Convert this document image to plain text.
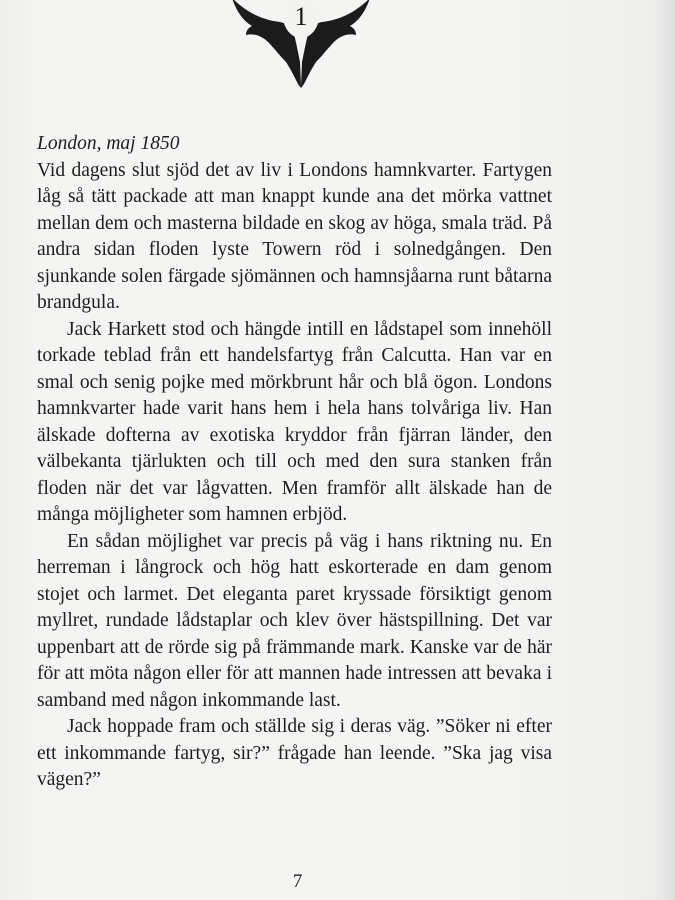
1

London, maj 1850

Vid dagens slut sjöd det av liv i Londons hamnkvarter. Fartygen låg så tätt packade att man knappt kunde ana det mörka vattnet mellan dem och masterna bildade en skog av höga, smala träd. På andra sidan floden lyste Towern röd i solnedgången. Den sjunkande solen färgade sjömännen och hamnsjåarna runt båtarna brandgula.

Jack Harkett stod och hängde intill en lådstapel som innehöll torkade teblad från ett handelsfartyg från Calcutta. Han var en smal och senig pojke med mörkbrunt hår och blå ögon. Londons hamnkvarter hade varit hans hem i hela hans tolvåriga liv. Han älskade dofterna av exotiska kryddor från fjärran länder, den välbekanta tjärlukten och till och med den sura stanken från floden när det var lågvatten. Men framför allt älskade han de många möjligheter som hamnen erbjöd.

En sådan möjlighet var precis på väg i hans riktning nu. En herreman i långrock och hög hatt eskorterade en dam genom stojet och larmet. Det eleganta paret kryssade försiktigt genom myllret, rundade lådstaplar och klev över hästspillning. Det var uppenbart att de rörde sig på främmande mark. Kanske var de här för att möta någon eller för att mannen hade intressen att bevaka i samband med någon inkommande last.

Jack hoppade fram och ställde sig i deras väg. ”Söker ni efter ett inkommande fartyg, sir?” frågade han leende. ”Ska jag visa vägen?”

7
